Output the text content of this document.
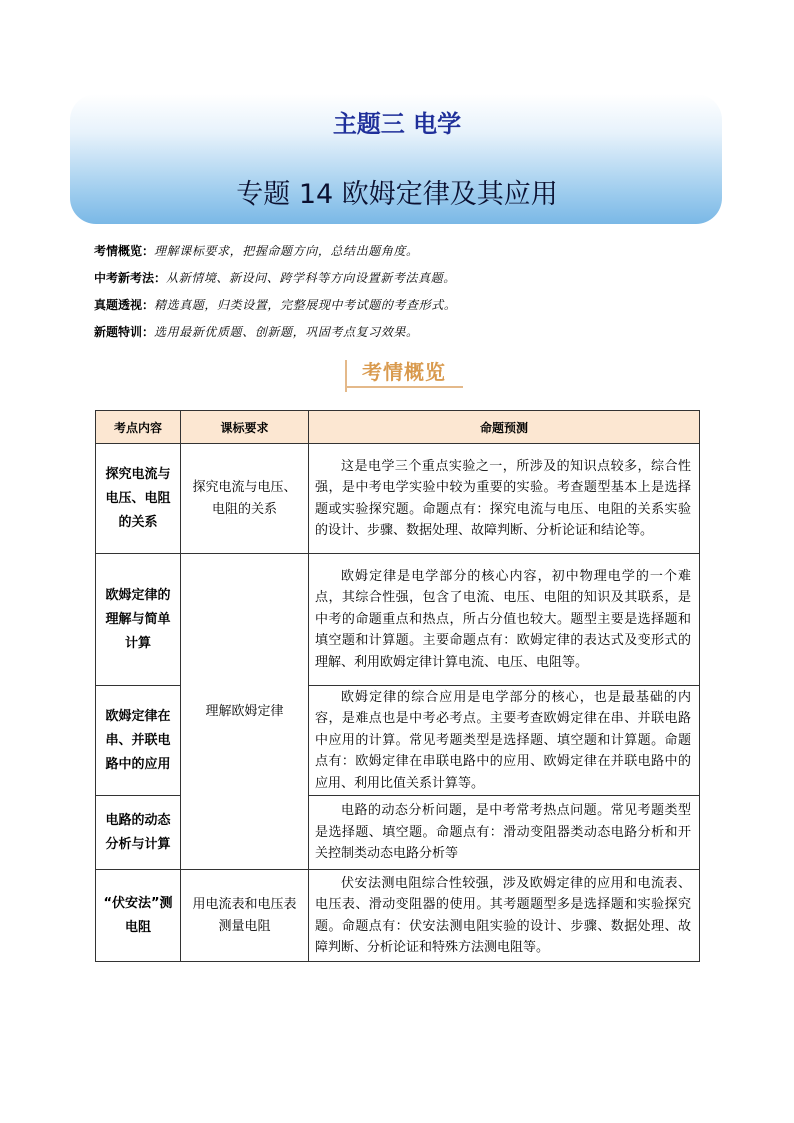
主题三 电学
专题 14 欧姆定律及其应用
考情概览：理解课标要求，把握命题方向，总结出题角度。
中考新考法：从新情境、新设问、跨学科等方向设置新考法真题。
真题透视：精选真题，归类设置，完整展现中考试题的考查形式。
新题特训：选用最新优质题、创新题，巩固考点复习效果。
考情概览
考点内容	课标要求	命题预测
探究电流与电压、电阻的关系	探究电流与电压、电阻的关系	这是电学三个重点实验之一，所涉及的知识点较多，综合性强，是中考电学实验中较为重要的实验。考查题型基本上是选择题或实验探究题。命题点有：探究电流与电压、电阻的关系实验的设计、步骤、数据处理、故障判断、分析论证和结论等。
欧姆定律的理解与简单计算	理解欧姆定律	欧姆定律是电学部分的核心内容，初中物理电学的一个难点，其综合性强，包含了电流、电压、电阻的知识及其联系，是中考的命题重点和热点，所占分值也较大。题型主要是选择题和填空题和计算题。主要命题点有：欧姆定律的表达式及变形式的理解、利用欧姆定律计算电流、电压、电阻等。
欧姆定律在串、并联电路中的应用		欧姆定律的综合应用是电学部分的核心，也是最基础的内容，是难点也是中考必考点。主要考查欧姆定律在串、并联电路中应用的计算。常见考题类型是选择题、填空题和计算题。命题点有：欧姆定律在串联电路中的应用、欧姆定律在并联电路中的应用、利用比值关系计算等。
电路的动态分析与计算		电路的动态分析问题，是中考常考热点问题。常见考题类型是选择题、填空题。命题点有：滑动变阻器类动态电路分析和开关控制类动态电路分析等
“伏安法”测电阻	用电流表和电压表测量电阻	伏安法测电阻综合性较强，涉及欧姆定律的应用和电流表、电压表、滑动变阻器的使用。其考题题型多是选择题和实验探究题。命题点有：伏安法测电阻实验的设计、步骤、数据处理、故障判断、分析论证和特殊方法测电阻等。
